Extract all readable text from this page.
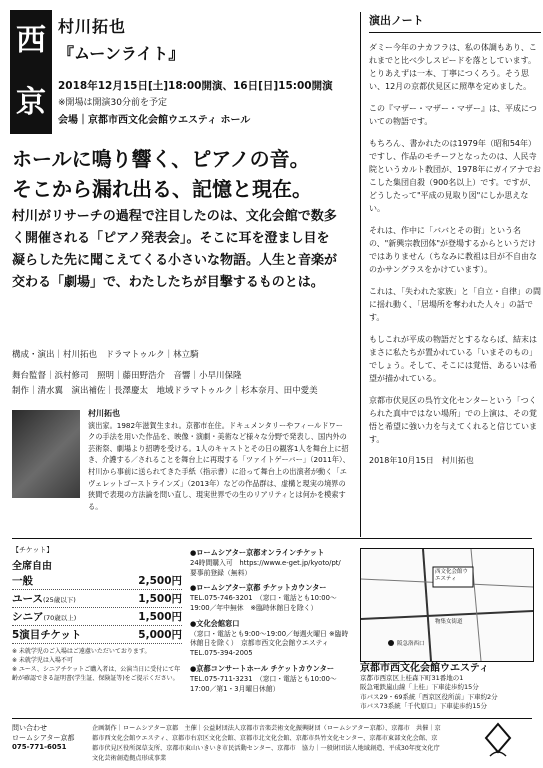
西
京
村川拓也
『ムーンライト』
2018年12月15日[土]18:00開演、16日[日]15:00開演
※開場は開演30分前を予定
会場｜京都市西文化会館ウエスティ ホール
ホールに鳴り響く、ピアノの音。
そこから漏れ出る、記憶と現在。
村川がリサーチの過程で注目したのは、文化会館で数多く開催される「ピアノ発表会」。そこに耳を澄まし目を凝らした先に聞こえてくる小さいな物語。人生と音楽が交わる「劇場」で、わたしたちが目撃するものとは。
構成・演出｜村川拓也　ドラマトゥルク｜林立騎
舞台監督｜浜村修司　照明｜藤田野浩介　音響｜小早川保隆
制作｜清水翼　演出補佐｜長澤慶太　地域ドラマトゥルク｜杉本奈月、田中愛美
村川拓也
演出家。1982年滋賀生まれ。京都市在住。ドキュメンタリーやフィールドワークの手法を用いた作品を、映像・演劇・美術など様々な分野で発表し、国内外の芸術祭、劇場より招聘を受ける。1人のキャストとその日の観客1人を舞台上に招き、介護する／されることを舞台上に再現する「ツァイトゲーバー」（2011年）、村川から事前に送られてきた手紙（指示書）に沿って舞台上の出演者が動く「エヴェレットゴーストラインズ」（2013年）などの作品群は、虚構と現実の境界の狭間で表現の方法論を問い直し、現実世界での生のリアリティとは何かを模索する。
演出ノート

ダミー今年のナカフラは、私の体調もあり、これまでと比べ少しスピードを落としています。とりあえずは一本、丁寧につくろう。そう思い、12月の京都伏見区に照準を定めました。

この『マザー・マザー・マザー』は、平成についての物語です。

もちろん、書かれたのは1979年（昭和54年）ですし、作品のモチーフとなったのは、人民寺院というカルト教団が、1978年にガイアナでおこした集団自殺（900名以上）です。ですが、どうしたって"平成の見取り図"にしか思えない。

それは、作中に「ババとその街」という名の、"新興宗教団体"が登場するからというだけではありません（ちなみに教祖は目が不自由なのかサングラスをかけています）。

これは、「失われた家族」と「自立・自律」の間に揺れ動く、「居場所を奪われた人々」の話です。

もしこれが平成の物語だとするならば、結末はまさに私たちが置かれている「いまそのもの」でしょう。そして、そこには覚悟、あるいは希望が描かれている。

京都市伏見区の呉竹文化センターという「つくられた真中ではない場所」での上演は、その覚悟と希望に強い力を与えてくれると信じています。

2018年10月15日　村川拓也
【チケット】
全席自由
一般	2,500円
ユース(25歳以下)	1,500円
シニア(70歳以上)	1,500円
5演目チケット	5,000円
※ 未就学児のご入場はご遠慮いただいております。
※ 未就学児は入場不可
※ ユース、シニアチケットご購入者は、公演当日に受付にて年齢が確認できる証明書(学生証、保険証等)をご提示ください。
●ロームシアター京都オンラインチケット
24時間購入可　https://www.e-get.jp/kyoto/pt/　要事前登録（無料）
●ロームシアター京都 チケットカウンター
TEL.075-746-3201　（窓口・電話とも10:00〜19:00／年中無休　※臨時休館日を除く）
●文化会館窓口
（窓口・電話とも9:00〜19:00／毎週火曜日 ※臨時休館日を除く）　京都市西文化会館ウエスティ TEL.075-394-2005
●京都コンサートホール チケットカウンター
TEL.075-711-3231　（窓口・電話とも10:00〜17:00／第1・3月曜日休館）
西文化会館ウエスティ
物集女街道
阪急洛西口
京都市西文化会館ウエスティ
京都市西京区上桂森下町31番地の1
阪急電鉄嵐山線「上桂」下車徒歩約15分
市バス29・69系統「西京区役所前」下車約2分
市バス73系統「千代原口」下車徒歩約15分
問い合わせ
ロームシアター京都
075-771-6051
企画制作｜ロームシアター京都　主催｜公益財団法人京都市音楽芸術文化振興財団（ロームシアター京都）、京都市　共催｜京都市西文化会館ウエスティ、京都市右京区文化会館、京都市北文化会館、京都市呉竹文化センター、京都市東部文化会館、京都市伏見区役所深草支所、京都市東山いきいき市民活動センター、京都市　協力｜一般財団法人地域創造、平成30年度文化庁文化芸術創造拠点形成事業
